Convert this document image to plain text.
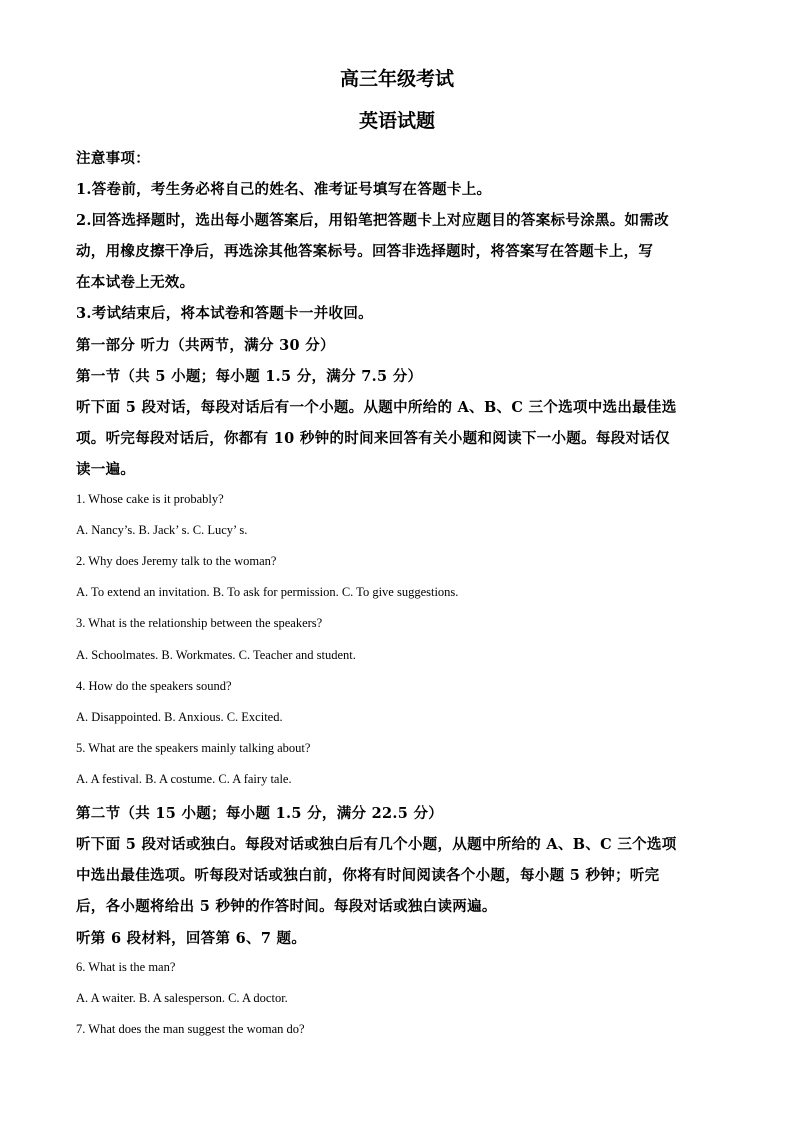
高三年级考试
英语试题
注意事项：
1.答卷前，考生务必将自己的姓名、准考证号填写在答题卡上。
2.回答选择题时，选出每小题答案后，用铅笔把答题卡上对应题目的答案标号涂黑。如需改
动，用橡皮擦干净后，再选涂其他答案标号。回答非选择题时，将答案写在答题卡上，写
在本试卷上无效。
3.考试结束后，将本试卷和答题卡一并收回。
第一部分 听力（共两节，满分 30 分）
第一节（共 5 小题；每小题 1.5 分，满分 7.5 分）
听下面 5 段对话，每段对话后有一个小题。从题中所给的 A、B、C 三个选项中选出最佳选
项。听完每段对话后，你都有 10 秒钟的时间来回答有关小题和阅读下一小题。每段对话仅
读一遍。
1. Whose cake is it probably?
A. Nancy’s. B. Jack’ s. C. Lucy’ s.
2. Why does Jeremy talk to the woman?
A. To extend an invitation. B. To ask for permission. C. To give suggestions.
3. What is the relationship between the speakers?
A. Schoolmates. B. Workmates. C. Teacher and student.
4. How do the speakers sound?
A. Disappointed. B. Anxious. C. Excited.
5. What are the speakers mainly talking about?
A. A festival. B. A costume. C. A fairy tale.
第二节（共 15 小题；每小题 1.5 分，满分 22.5 分）
听下面 5 段对话或独白。每段对话或独白后有几个小题，从题中所给的 A、B、C 三个选项
中选出最佳选项。听每段对话或独白前，你将有时间阅读各个小题，每小题 5 秒钟；听完
后，各小题将给出 5 秒钟的作答时间。每段对话或独白读两遍。
听第 6 段材料，回答第 6、7 题。
6. What is the man?
A. A waiter. B. A salesperson. C. A doctor.
7. What does the man suggest the woman do?
